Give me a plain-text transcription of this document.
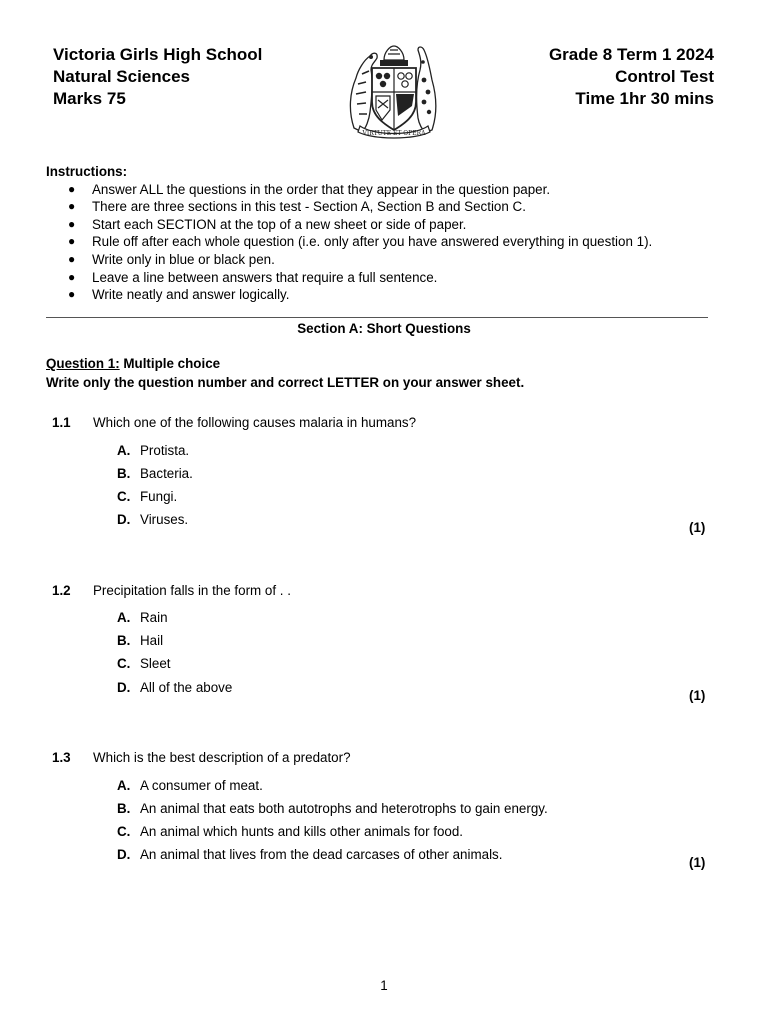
Victoria Girls High School
Natural Sciences
Marks 75
VIRTUTE ET OPERA
Grade 8 Term 1 2024
Control Test
Time 1hr 30 mins
Instructions:
● Answer ALL the questions in the order that they appear in the question paper.
● There are three sections in this test - Section A, Section B and Section C.
● Start each SECTION at the top of a new sheet or side of paper.
● Rule off after each whole question (i.e. only after you have answered everything in question 1).
● Write only in blue or black pen.
● Leave a line between answers that require a full sentence.
● Write neatly and answer logically.
Section A: Short Questions
Question 1: Multiple choice
Write only the question number and correct LETTER on your answer sheet.
1.1 Which one of the following causes malaria in humans?
A. Protista.
B. Bacteria.
C. Fungi.
D. Viruses.
(1)
1.2 Precipitation falls in the form of . .
A. Rain
B. Hail
C. Sleet
D. All of the above
(1)
1.3 Which is the best description of a predator?
A. A consumer of meat.
B. An animal that eats both autotrophs and heterotrophs to gain energy.
C. An animal which hunts and kills other animals for food.
D. An animal that lives from the dead carcases of other animals.
(1)
1
